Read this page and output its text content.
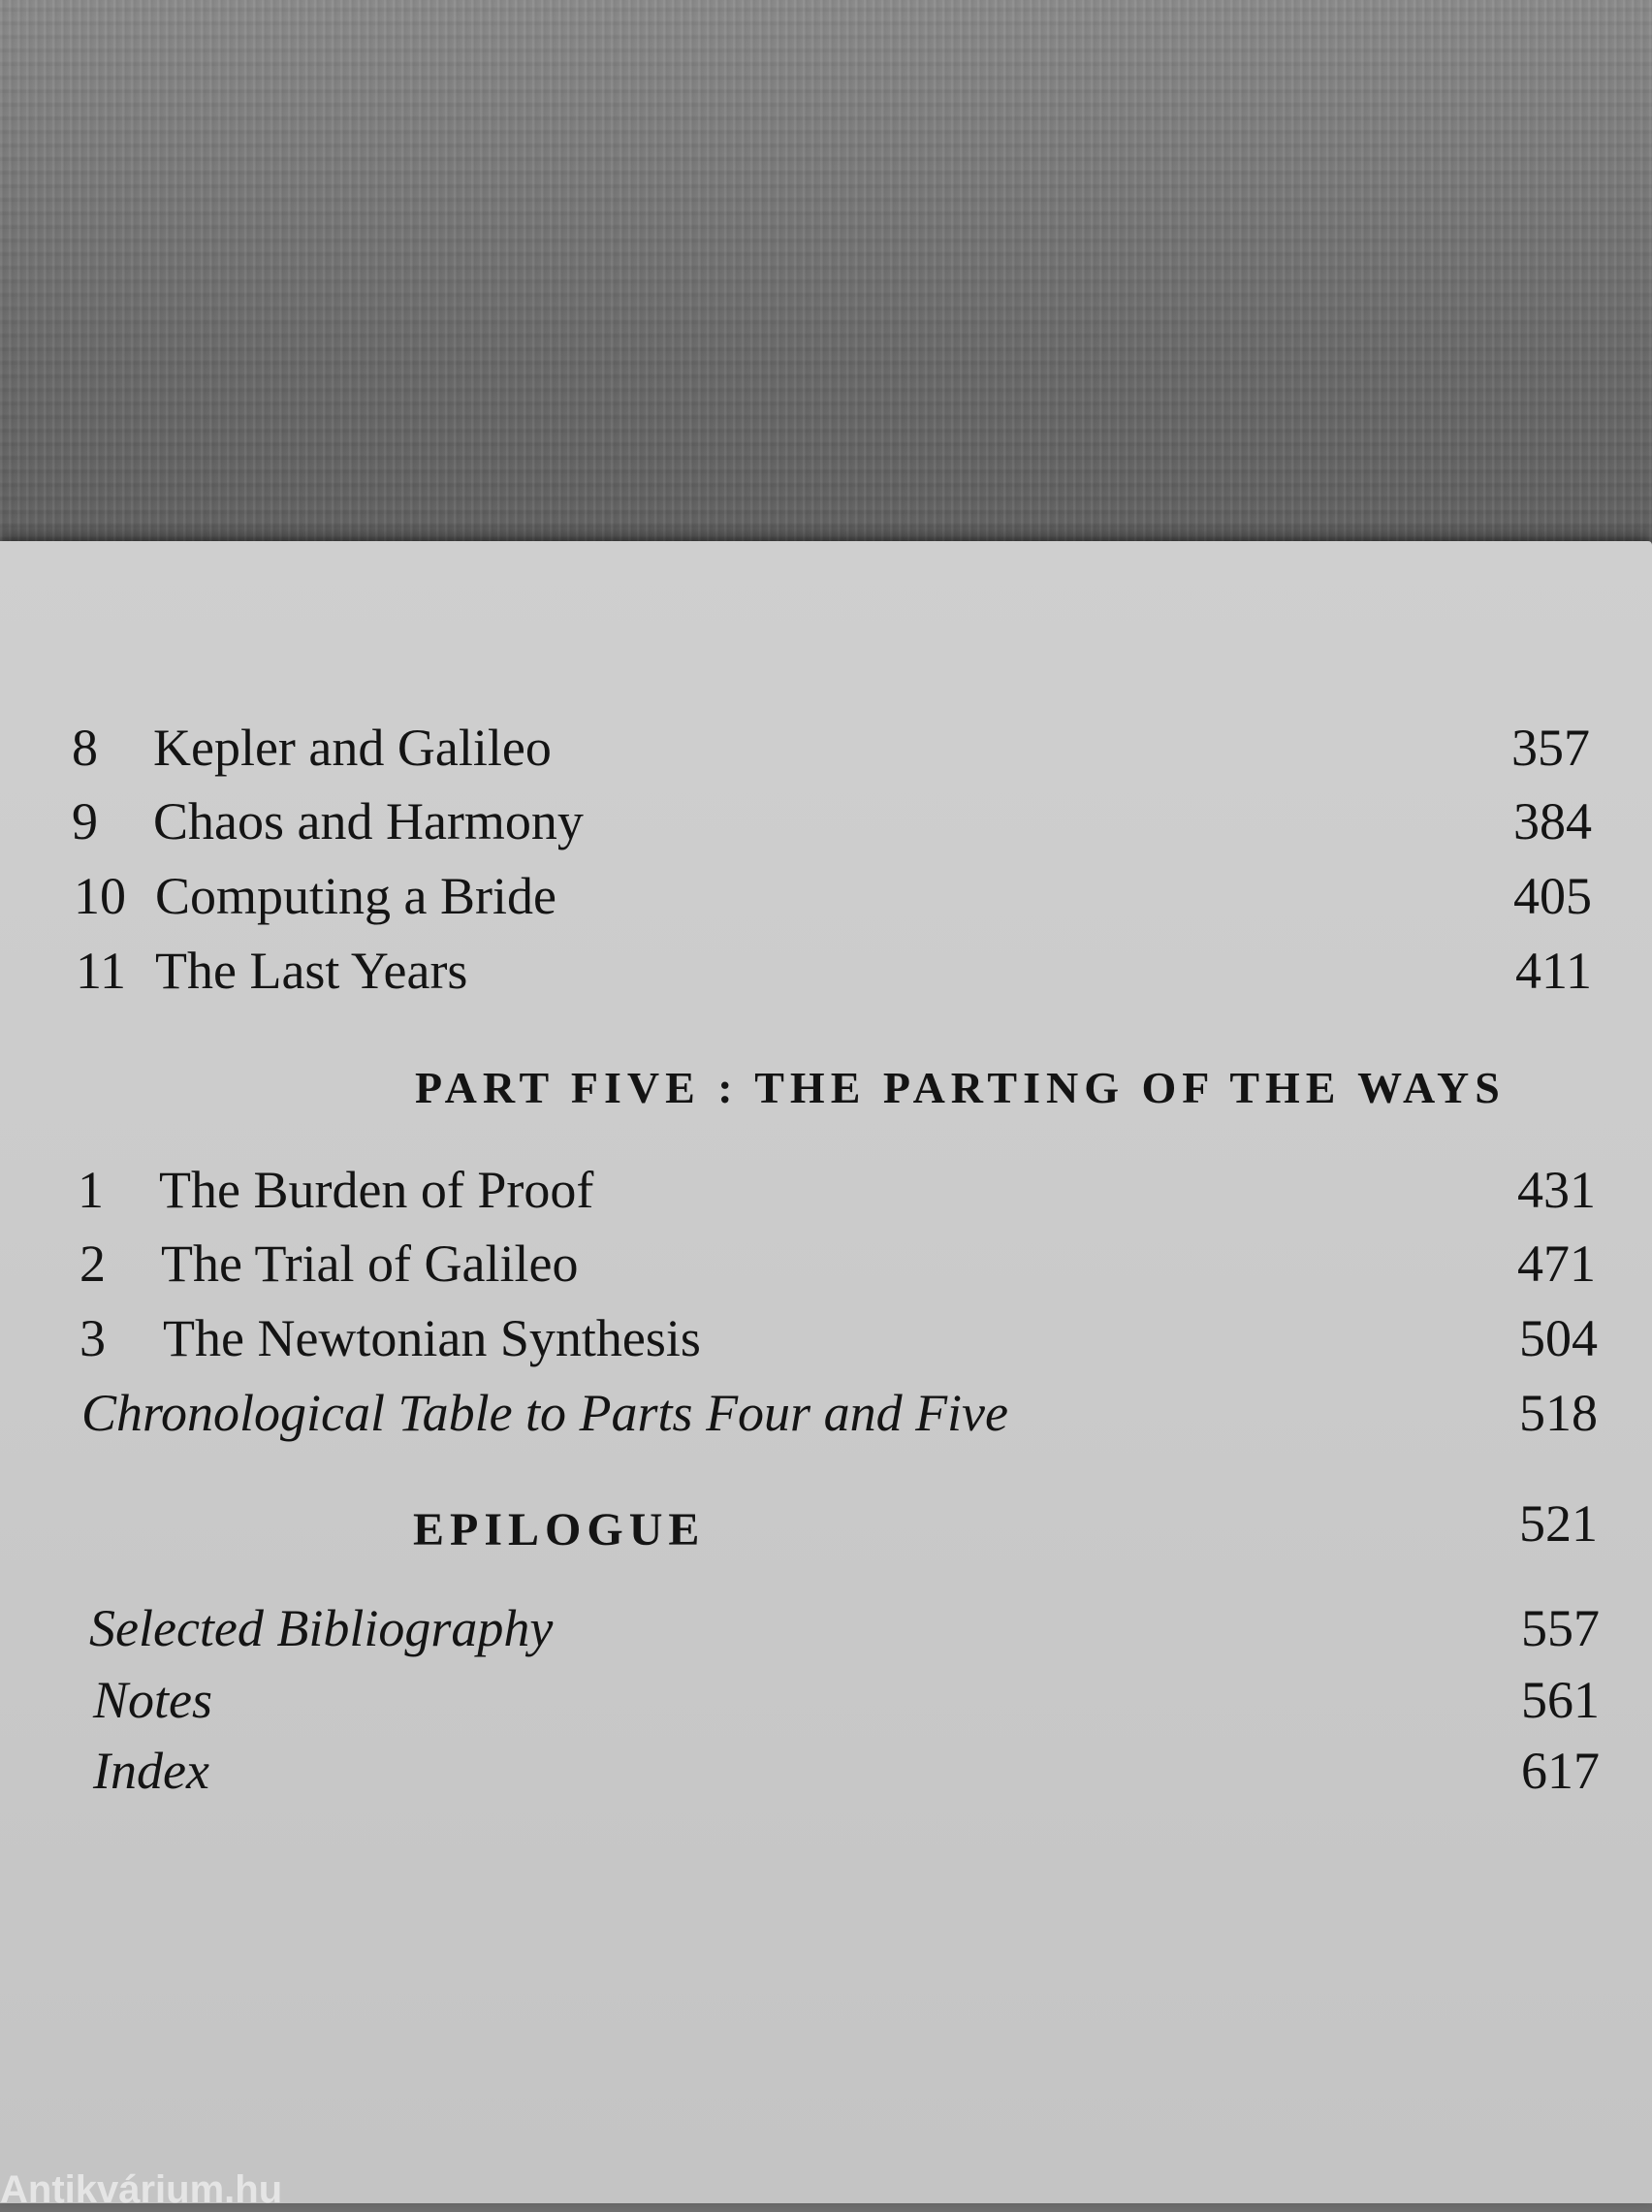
8 Kepler and Galileo	357
9 Chaos and Harmony	384
10 Computing a Bride	405
11 The Last Years	411
PART FIVE : THE PARTING OF THE WAYS
1 The Burden of Proof	431
2 The Trial of Galileo	471
3 The Newtonian Synthesis	504
Chronological Table to Parts Four and Five	518
EPILOGUE	521
Selected Bibliography	557
Notes	561
Index	617
Antikvárium.hu
